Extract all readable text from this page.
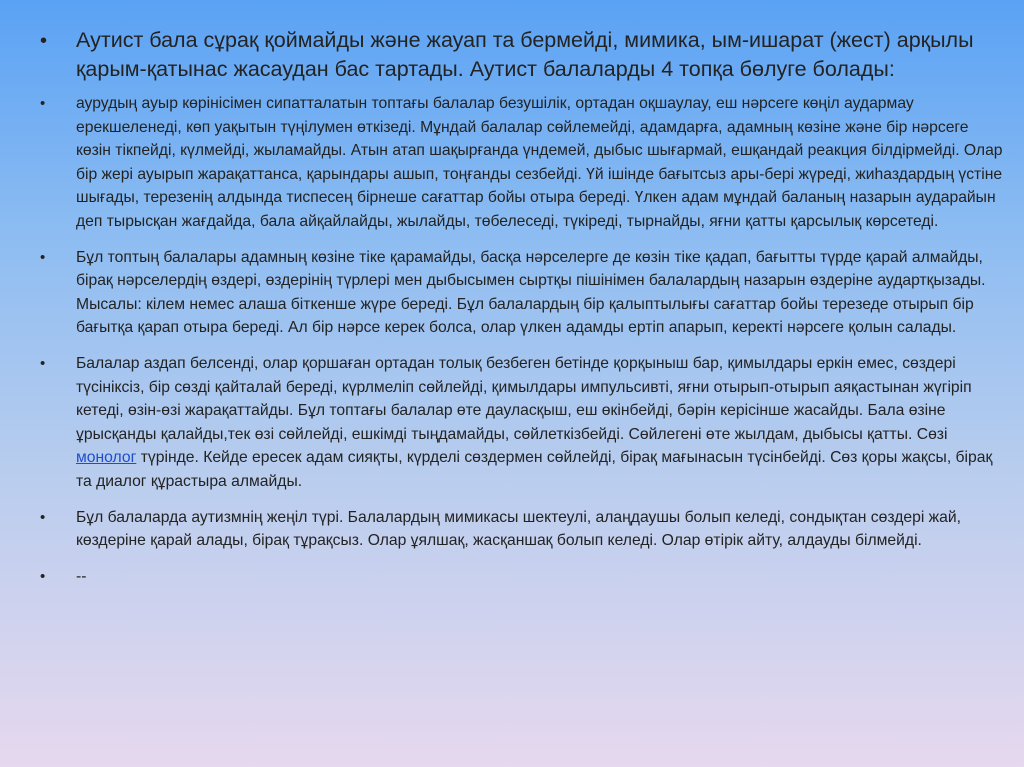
• Аутист бала сұрақ қоймайды және жауап та бермейді, мимика, ым-ишарат (жест) арқылы қарым-қатынас жасаудан бас тартады. Аутист балаларды 4 топқа бөлуге болады:
• аурудың ауыр көрінісімен сипатталатын топтағы балалар безушілік, ортадан оқшаулау, еш нәрсеге көңіл аудармау ерекшеленеді, көп уақытын түңілумен өткізеді. Мұндай балалар сөйлемейді, адамдарға, адамның көзіне және бір нәрсеге көзін тікпейді, күлмейді, жыламайды. Атын атап шақырғанда үндемей, дыбыс шығармай, ешқандай реакция білдірмейді. Олар бір жері ауырып жарақаттанса, қарындары ашып, тоңғанды сезбейді. Үй ішінде бағытсыз ары-бері жүреді, жиһаздардың үстіне шығады, терезенің алдында тиспесең бірнеше сағаттар бойы отыра береді. Үлкен адам мұндай баланың назарын аударайын деп тырысқан жағдайда, бала айқайлайды, жылайды, төбелеседі, түкіреді, тырнайды, яғни қатты қарсылық көрсетеді.
• Бұл топтың балалары адамның көзіне тіке қарамайды, басқа нәрселерге де көзін тіке қадап, бағытты түрде қарай алмайды, бірақ нәрселердің өздері, өздерінің түрлері мен дыбысымен сыртқы пішінімен балалардың назарын өздеріне аудартқызады. Мысалы: кілем немес алаша біткенше жүре береді. Бұл балалардың бір қалыптылығы сағаттар бойы терезеде отырып бір бағытқа қарап отыра береді. Ал бір нәрсе керек болса, олар үлкен адамды ертіп апарып, керекті нәрсеге қолын салады.
• Балалар аздап белсенді, олар қоршаған ортадан толық безбеген бетінде қорқыныш бар, қимылдары еркін емес, сөздері түсініксіз, бір сөзді қайталай береді, күрлмеліп сөйлейді, қимылдары импульсивті, яғни отырып-отырып аяқастынан жүгіріп кетеді, өзін-өзі жарақаттайды. Бұл топтағы балалар өте дауласқыш, еш өкінбейді, бәрін керісінше жасайды. Бала өзіне ұрысқанды қалайды,тек өзі сөйлейді, ешкімді тыңдамайды, сөйлеткізбейді. Сөйлегені өте жылдам, дыбысы қатты. Сөзі монолог түрінде. Кейде ересек адам сияқты, күрделі сөздермен сөйлейді, бірақ мағынасын түсінбейді. Сөз қоры жақсы, бірақ та диалог құрастыра алмайды.
• Бұл балаларда аутизмнің жеңіл түрі. Балалардың мимикасы шектеулі, алаңдаушы болып келеді, сондықтан сөздері жай, көздеріне қарай алады, бірақ тұрақсыз. Олар ұялшақ, жасқаншақ болып келеді. Олар өтірік айту, алдауды білмейді.
• --
